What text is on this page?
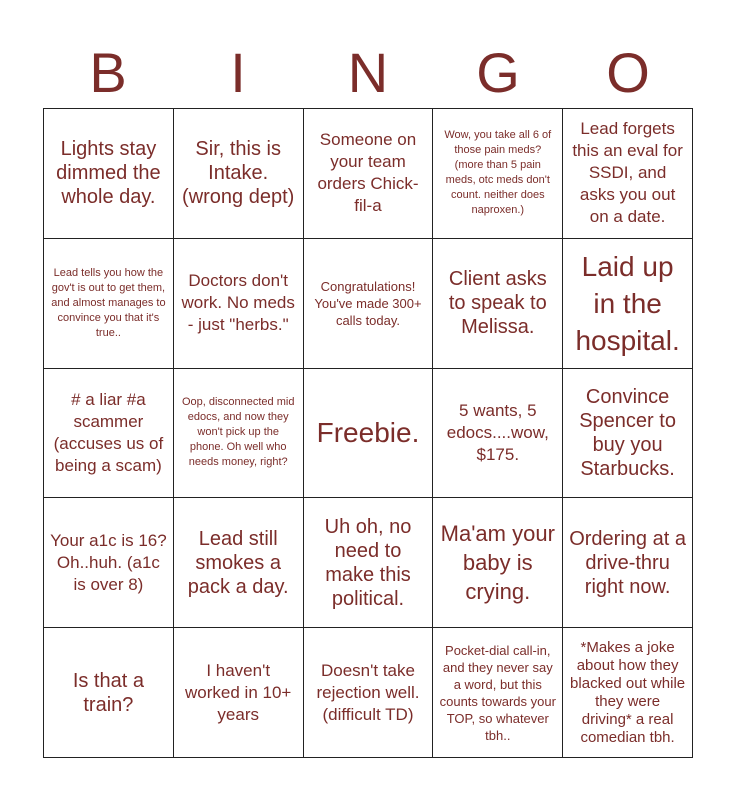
B	I	N	G	O
Lights stay dimmed the whole day.
Sir, this is Intake. (wrong dept)
Someone on your team orders Chick-fil-a
Wow, you take all 6 of those pain meds? (more than 5 pain meds, otc meds don't count. neither does naproxen.)
Lead forgets this an eval for SSDI, and asks you out on a date.
Lead tells you how the gov't is out to get them, and almost manages to convince you that it's true..
Doctors don't work. No meds - just "herbs."
Congratulations! You've made 300+ calls today.
Client asks to speak to Melissa.
Laid up in the hospital.
# a liar #a scammer (accuses us of being a scam)
Oop, disconnected mid edocs, and now they won't pick up the phone. Oh well who needs money, right?
Freebie.
5 wants, 5 edocs....wow, $175.
Convince Spencer to buy you Starbucks.
Your a1c is 16? Oh..huh. (a1c is over 8)
Lead still smokes a pack a day.
Uh oh, no need to make this political.
Ma'am your baby is crying.
Ordering at a drive-thru right now.
Is that a train?
I haven't worked in 10+ years
Doesn't take rejection well. (difficult TD)
Pocket-dial call-in, and they never say a word, but this counts towards your TOP, so whatever tbh..
*Makes a joke about how they blacked out while they were driving* a real comedian tbh.
